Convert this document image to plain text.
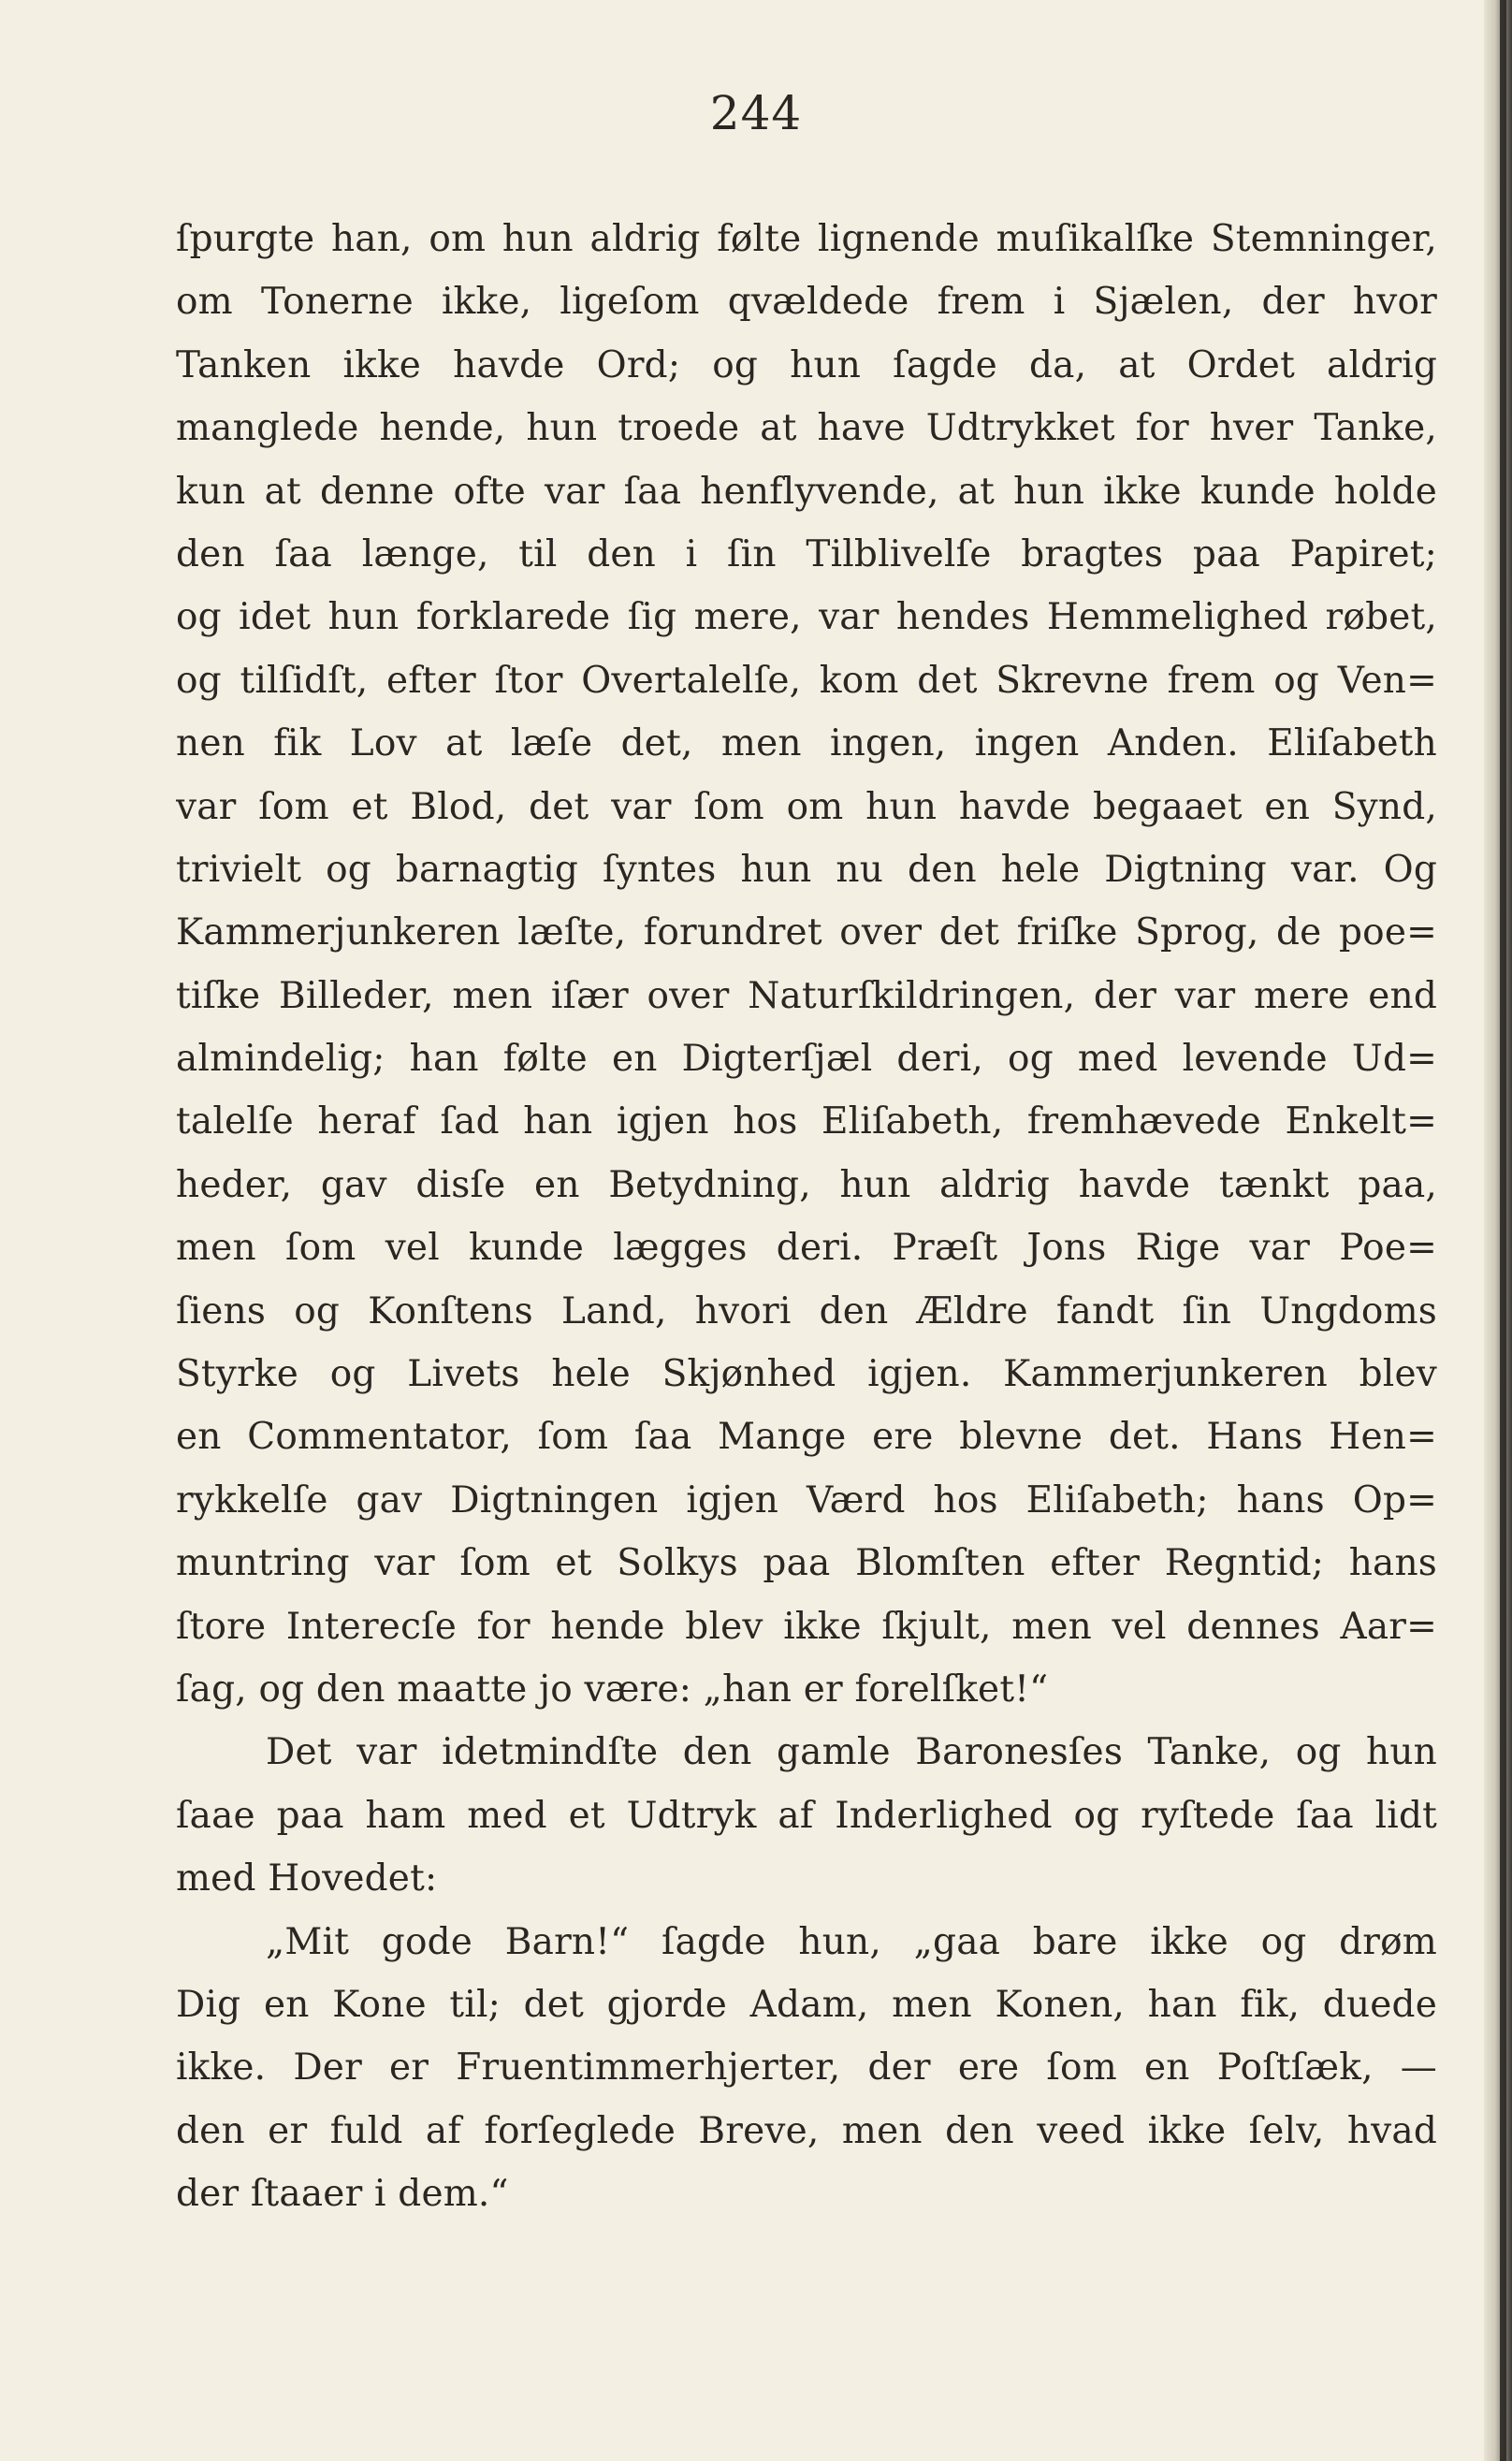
244
ſpurgte han, om hun aldrig følte lignende muſikalſke Stemninger,
om Tonerne ikke, ligeſom qvældede frem i Sjælen, der hvor
Tanken ikke havde Ord; og hun ſagde da, at Ordet aldrig
manglede hende, hun troede at have Udtrykket for hver Tanke,
kun at denne ofte var ſaa henflyvende, at hun ikke kunde holde
den ſaa længe, til den i ſin Tilblivelſe bragtes paa Papiret;
og idet hun forklarede ſig mere, var hendes Hemmelighed røbet,
og tilſidſt, efter ſtor Overtalelſe, kom det Skrevne frem og Ven=
nen fik Lov at læſe det, men ingen, ingen Anden. Eliſabeth
var ſom et Blod, det var ſom om hun havde begaaet en Synd,
trivielt og barnagtig ſyntes hun nu den hele Digtning var. Og
Kammerjunkeren læſte, forundret over det friſke Sprog, de poe=
tiſke Billeder, men iſær over Naturſkildringen, der var mere end
almindelig; han følte en Digterſjæl deri, og med levende Ud=
talelſe heraf ſad han igjen hos Eliſabeth, fremhævede Enkelt=
heder, gav disſe en Betydning, hun aldrig havde tænkt paa,
men ſom vel kunde lægges deri. Præſt Jons Rige var Poe=
ſiens og Konſtens Land, hvori den Ældre fandt ſin Ungdoms
Styrke og Livets hele Skjønhed igjen. Kammerjunkeren blev
en Commentator, ſom ſaa Mange ere blevne det. Hans Hen=
rykkelſe gav Digtningen igjen Værd hos Eliſabeth; hans Op=
muntring var ſom et Solkys paa Blomſten efter Regntid; hans
ſtore Intereсſe for hende blev ikke ſkjult, men vel dennes Aar=
ſag, og den maatte jo være: „han er forelſket!“
Det var idetmindſte den gamle Baronesſes Tanke, og hun
ſaae paa ham med et Udtryk af Inderlighed og ryſtede ſaa lidt
med Hovedet:
„Mit gode Barn!“ ſagde hun, „gaa bare ikke og drøm
Dig en Kone til; det gjorde Adam, men Konen, han fik, duede
ikke. Der er Fruentimmerhjerter, der ere ſom en Poſtſæk, —
den er fuld af forſeglede Breve, men den veed ikke ſelv, hvad
der ſtaaer i dem.“
